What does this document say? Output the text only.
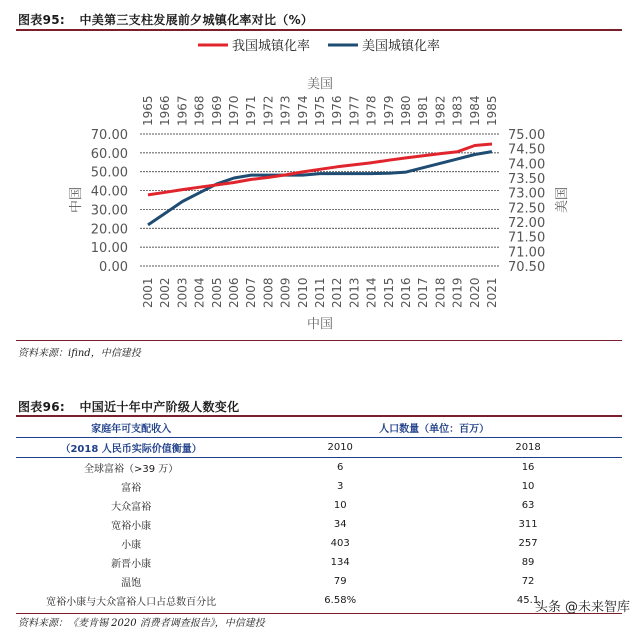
图表95: 中美第三支柱发展前夕城镇化率对比（%）
我国城镇化率	美国城镇化率
美国
0.00
10.00
20.00
30.00
40.00
50.00
60.00
70.00
70.50
71.00
71.50
72.00
72.50
73.00
73.50
74.00
74.50
75.00
中国	美国
2001 2002 2003 2004 2005 2006 2007 2008 2009 2010 2011 2012 2013 2014 2015 2016 2017 2018 2019 2020 2021
1965 1966 1967 1968 1969 1970 1971 1972 1973 1974 1975 1976 1977 1978 1979 1980 1981 1982 1983 1984 1985
中国
资料来源：ifind，中信建投
图表96: 中国近十年中产阶级人数变化
家庭年可支配收入	人口数量（单位：百万）	
（2018 人民币实际价值衡量）	2010	2018
全球富裕（>39 万）	6	16
富裕	3	10
大众富裕	10	63
宽裕小康	34	311
小康	403	257
新晋小康	134	89
温饱	79	72
宽裕小康与大众富裕人口占总数百分比	6.58%	45.1
资料来源：《麦肯锡 2020 消费者调查报告》，中信建投
头条 @未来智库
